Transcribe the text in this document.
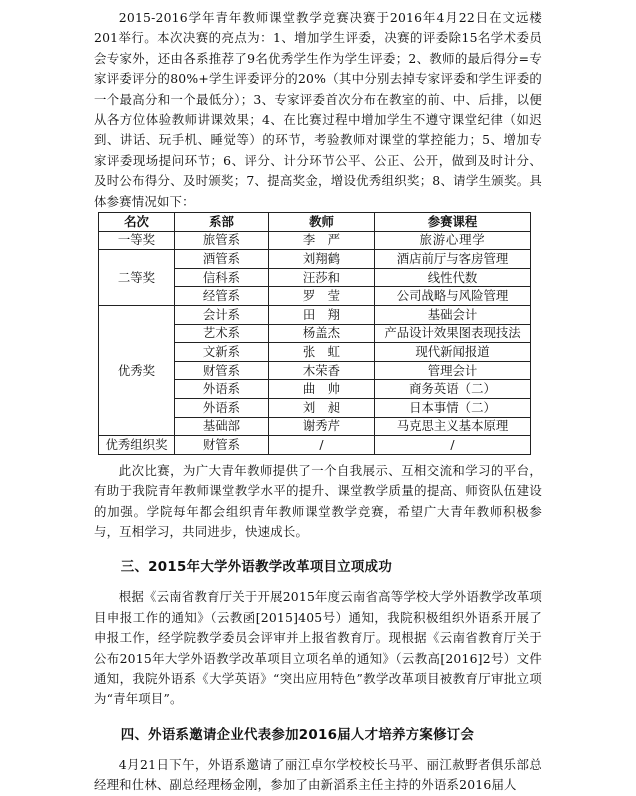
2015-2016学年青年教师课堂教学竞赛决赛于2016年4月22日在文远楼201举行。本次决赛的亮点为：1、增加学生评委，决赛的评委除15名学术委员会专家外，还由各系推荐了9名优秀学生作为学生评委；2、教师的最后得分=专家评委评分的80%+学生评委评分的20%（其中分别去掉专家评委和学生评委的一个最高分和一个最低分）；3、专家评委首次分布在教室的前、中、后排，以便从各方位体验教师讲课效果；4、在比赛过程中增加学生不遵守课堂纪律（如迟到、讲话、玩手机、睡觉等）的环节，考验教师对课堂的掌控能力；5、增加专家评委现场提问环节；6、评分、计分环节公平、公正、公开，做到及时计分、及时公布得分、及时颁奖；7、提高奖金，增设优秀组织奖；8、请学生颁奖。具体参赛情况如下：

名次	系部	教师	参赛课程
一等奖	旅管系	李　严	旅游心理学
二等奖	酒管系	刘翔鹤	酒店前厅与客房管理
	信科系	汪莎和	线性代数
	经管系	罗　莹	公司战略与风险管理
优秀奖	会计系	田　翔	基础会计
	艺术系	杨盖杰	产品设计效果图表现技法
	文新系	张　虹	现代新闻报道
	财管系	木荣香	管理会计
	外语系	曲　帅	商务英语（二）
	外语系	刘　昶	日本事情（二）
	基础部	谢秀芹	马克思主义基本原理
优秀组织奖	财管系	/	/

此次比赛，为广大青年教师提供了一个自我展示、互相交流和学习的平台，有助于我院青年教师课堂教学水平的提升、课堂教学质量的提高、师资队伍建设的加强。学院每年都会组织青年教师课堂教学竞赛，希望广大青年教师积极参与，互相学习，共同进步，快速成长。

三、2015年大学外语教学改革项目立项成功

根据《云南省教育厅关于开展2015年度云南省高等学校大学外语教学改革项目申报工作的通知》（云教函[2015]405号）通知，我院积极组织外语系开展了申报工作，经学院教学委员会评审并上报省教育厅。现根据《云南省教育厅关于公布2015年大学外语教学改革项目立项名单的通知》（云教高[2016]2号）文件通知，我院外语系《大学英语》“突出应用特色”教学改革项目被教育厅审批立项为“青年项目”。

四、外语系邀请企业代表参加2016届人才培养方案修订会

4月21日下午，外语系邀请了丽江卓尔学校校长马平、丽江赦野者俱乐部总经理和仕林、副总经理杨金刚，参加了由新滔系主任主持的外语系2016届人
